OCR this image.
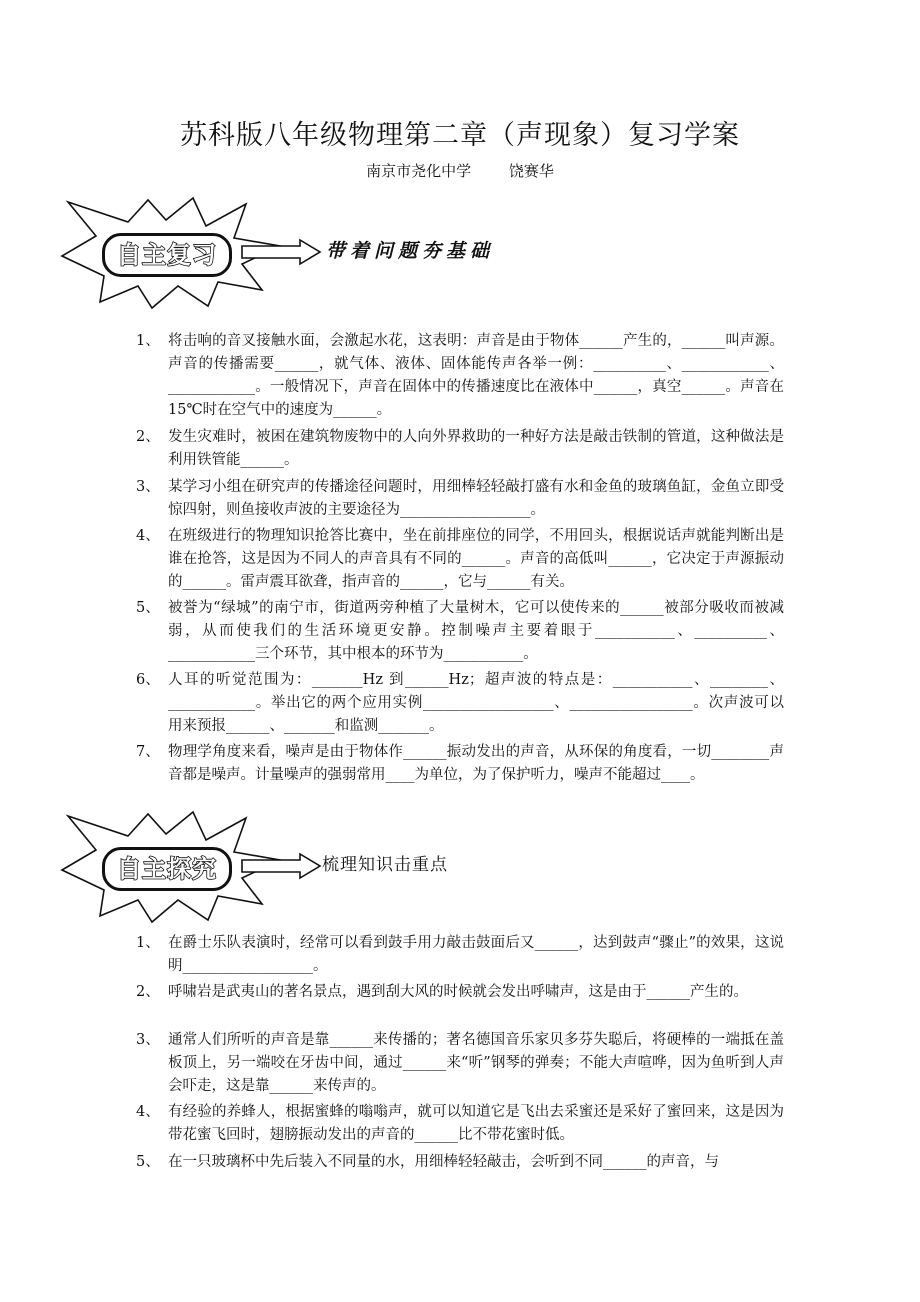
苏科版八年级物理第二章（声现象）复习学案
南京市尧化中学　 饶赛华
自主复习	带着问题夯基础
1、 将击响的音叉接触水面，会激起水花，这表明：声音是由于物体______产生的，______叫声源。声音的传播需要______，就气体、液体、固体能传声各举一例：__________、____________、____________。一般情况下，声音在固体中的传播速度比在液体中______，真空______。声音在15℃时在空气中的速度为______。
2、 发生灾难时，被困在建筑物废物中的人向外界救助的一种好方法是敲击铁制的管道，这种做法是利用铁管能______。
3、 某学习小组在研究声的传播途径问题时，用细棒轻轻敲打盛有水和金鱼的玻璃鱼缸，金鱼立即受惊四射，则鱼接收声波的主要途径为__________________。
4、 在班级进行的物理知识抢答比赛中，坐在前排座位的同学，不用回头，根据说话声就能判断出是谁在抢答，这是因为不同人的声音具有不同的______。声音的高低叫______，它决定于声源振动的______。雷声震耳欲聋，指声音的______，它与______有关。
5、 被誉为“绿城”的南宁市，街道两旁种植了大量树木，它可以使传来的______被部分吸收而被减弱，从而使我们的生活环境更安静。控制噪声主要着眼于___________、__________、____________三个环节，其中根本的环节为___________。
6、 人耳的听觉范围为：_______Hz 到______Hz；超声波的特点是：___________、________、____________。举出它的两个应用实例__________________、_________________。次声波可以用来预报______、_______和监测_______。
7、 物理学角度来看，噪声是由于物体作______振动发出的声音，从环保的角度看，一切________声音都是噪声。计量噪声的强弱常用____为单位，为了保护听力，噪声不能超过____。
自主探究	梳理知识击重点
1、 在爵士乐队表演时，经常可以看到鼓手用力敲击鼓面后又______，达到鼓声“骤止”的效果，这说明__________________。
2、 呼啸岩是武夷山的著名景点，遇到刮大风的时候就会发出呼啸声，这是由于______产生的。
3、 通常人们所听的声音是靠______来传播的；著名德国音乐家贝多芬失聪后，将硬棒的一端抵在盖板顶上，另一端咬在牙齿中间，通过______来“听”钢琴的弹奏；不能大声喧哗，因为鱼听到人声会吓走，这是靠______来传声的。
4、 有经验的养蜂人，根据蜜蜂的嗡嗡声，就可以知道它是飞出去采蜜还是采好了蜜回来，这是因为带花蜜飞回时，翅膀振动发出的声音的______比不带花蜜时低。
5、 在一只玻璃杯中先后装入不同量的水，用细棒轻轻敲击，会听到不同______的声音，与
